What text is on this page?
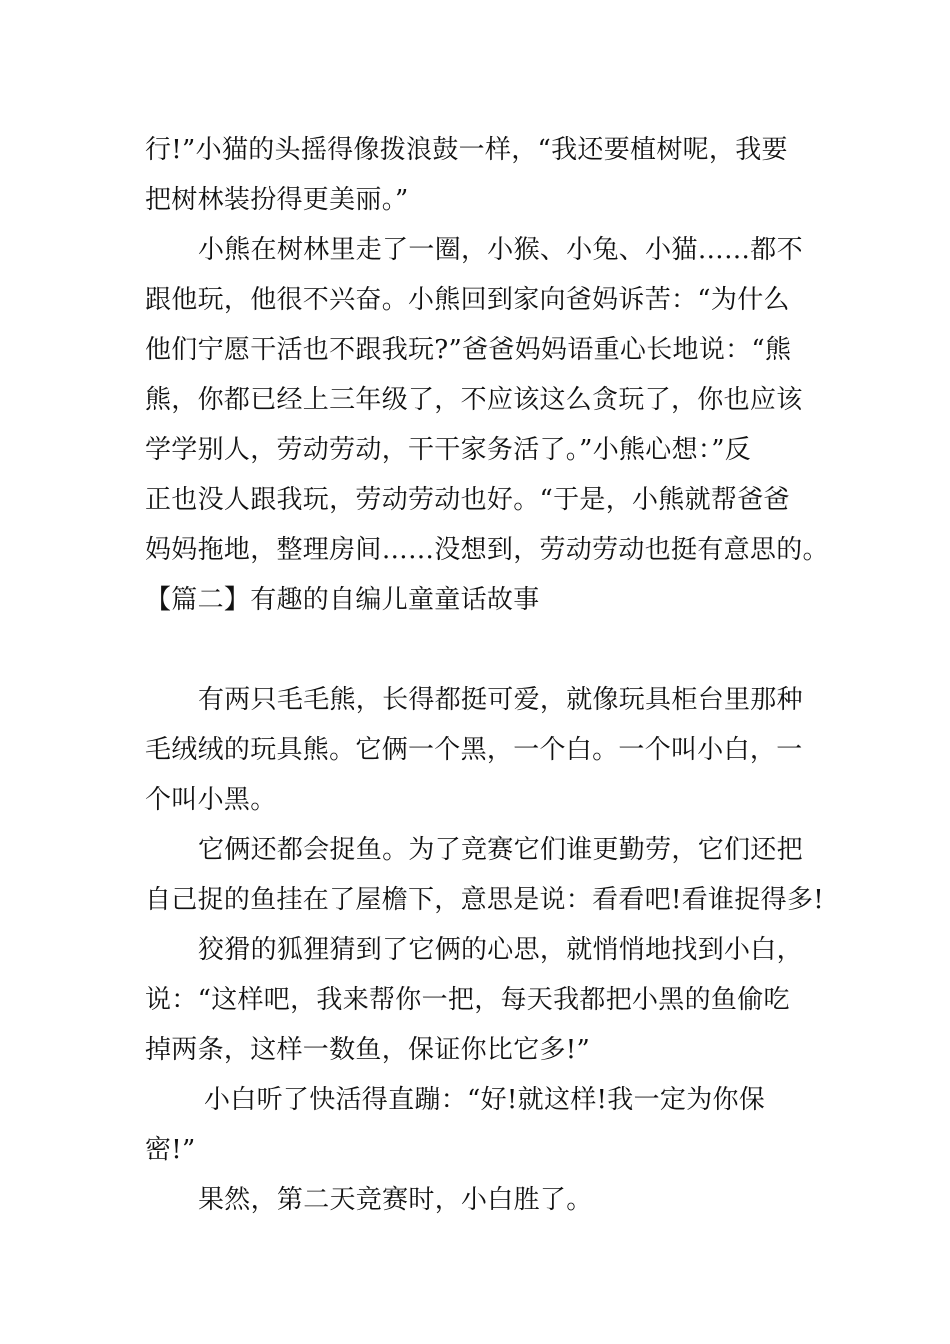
行!”小猫的头摇得像拨浪鼓一样，“我还要植树呢，我要
把树林装扮得更美丽。”
小熊在树林里走了一圈，小猴、小兔、小猫……都不
跟他玩，他很不兴奋。小熊回到家向爸妈诉苦：“为什么
他们宁愿干活也不跟我玩?”爸爸妈妈语重心长地说：“熊
熊，你都已经上三年级了，不应该这么贪玩了，你也应该
学学别人，劳动劳动，干干家务活了。”小熊心想：”反
正也没人跟我玩，劳动劳动也好。“于是，小熊就帮爸爸
妈妈拖地，整理房间……没想到，劳动劳动也挺有意思的。
【篇二】有趣的自编儿童童话故事
有两只毛毛熊，长得都挺可爱，就像玩具柜台里那种
毛绒绒的玩具熊。它俩一个黑，一个白。一个叫小白，一
个叫小黑。
它俩还都会捉鱼。为了竞赛它们谁更勤劳，它们还把
自己捉的鱼挂在了屋檐下，意思是说：看看吧!看谁捉得多!
狡猾的狐狸猜到了它俩的心思，就悄悄地找到小白，
说：“这样吧，我来帮你一把，每天我都把小黑的鱼偷吃
掉两条，这样一数鱼，保证你比它多!”
小白听了快活得直蹦：“好!就这样!我一定为你保
密!”
果然，第二天竞赛时，小白胜了。
